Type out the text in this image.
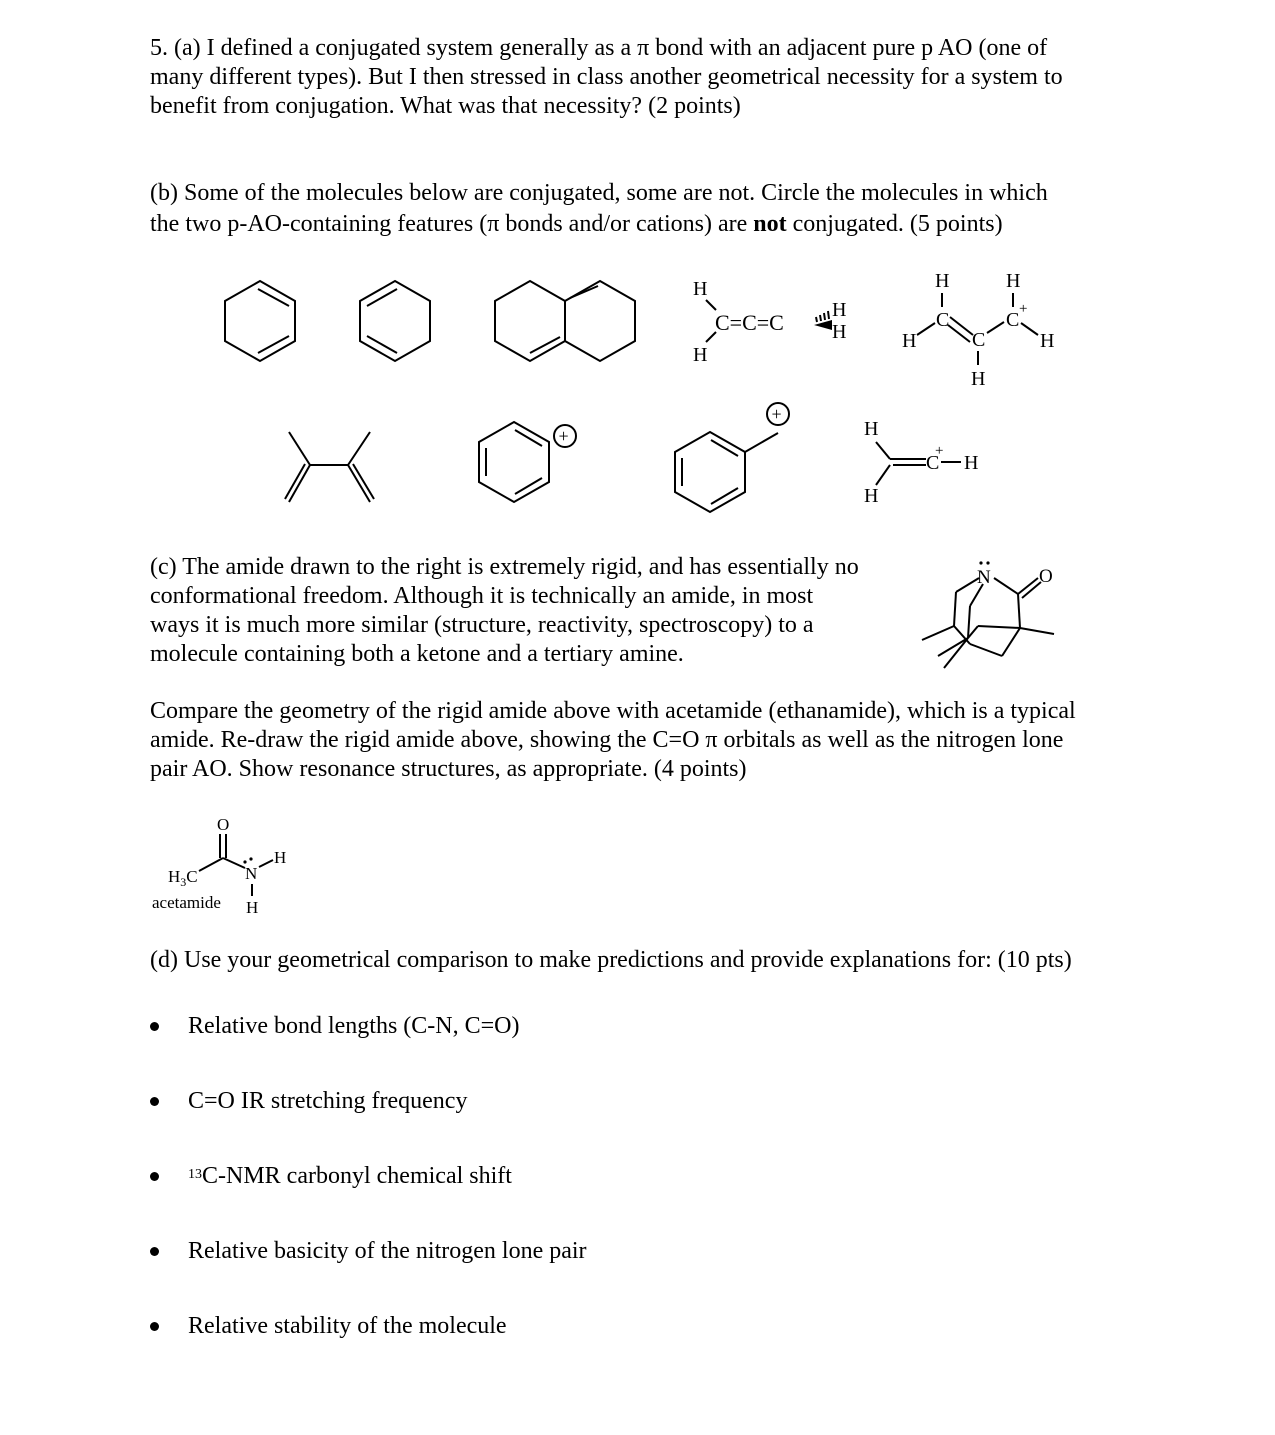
5. (a) I defined a conjugated system generally as a π bond with an adjacent pure p AO (one of
many different types). But I then stressed in class another geometrical necessity for a system to
benefit from conjugation. What was that necessity? (2 points)
(b) Some of the molecules below are conjugated, some are not. Circle the molecules in which
the two p-AO-containing features (π bonds and/or cations) are not conjugated. (5 points)
H
C=C=C
H
H
H
H
C
H	C
H
C +
H
H
+
+
H
H
C
+
H
(c) The amide drawn to the right is extremely rigid, and has essentially no
conformational freedom. Although it is technically an amide, in most
ways it is much more similar (structure, reactivity, spectroscopy) to a
molecule containing both a ketone and a tertiary amine.
N	O
Compare the geometry of the rigid amide above with acetamide (ethanamide), which is a typical
amide. Re-draw the rigid amide above, showing the C=O π orbitals as well as the nitrogen lone
pair AO. Show resonance structures, as appropriate. (4 points)
O
$H_3C$	N
H
H
acetamide
(d) Use your geometrical comparison to make predictions and provide explanations for: (10 pts)
Relative bond lengths (C-N, C=O)
C=O IR stretching frequency
$^{13}$C-NMR carbonyl chemical shift
Relative basicity of the nitrogen lone pair
Relative stability of the molecule
